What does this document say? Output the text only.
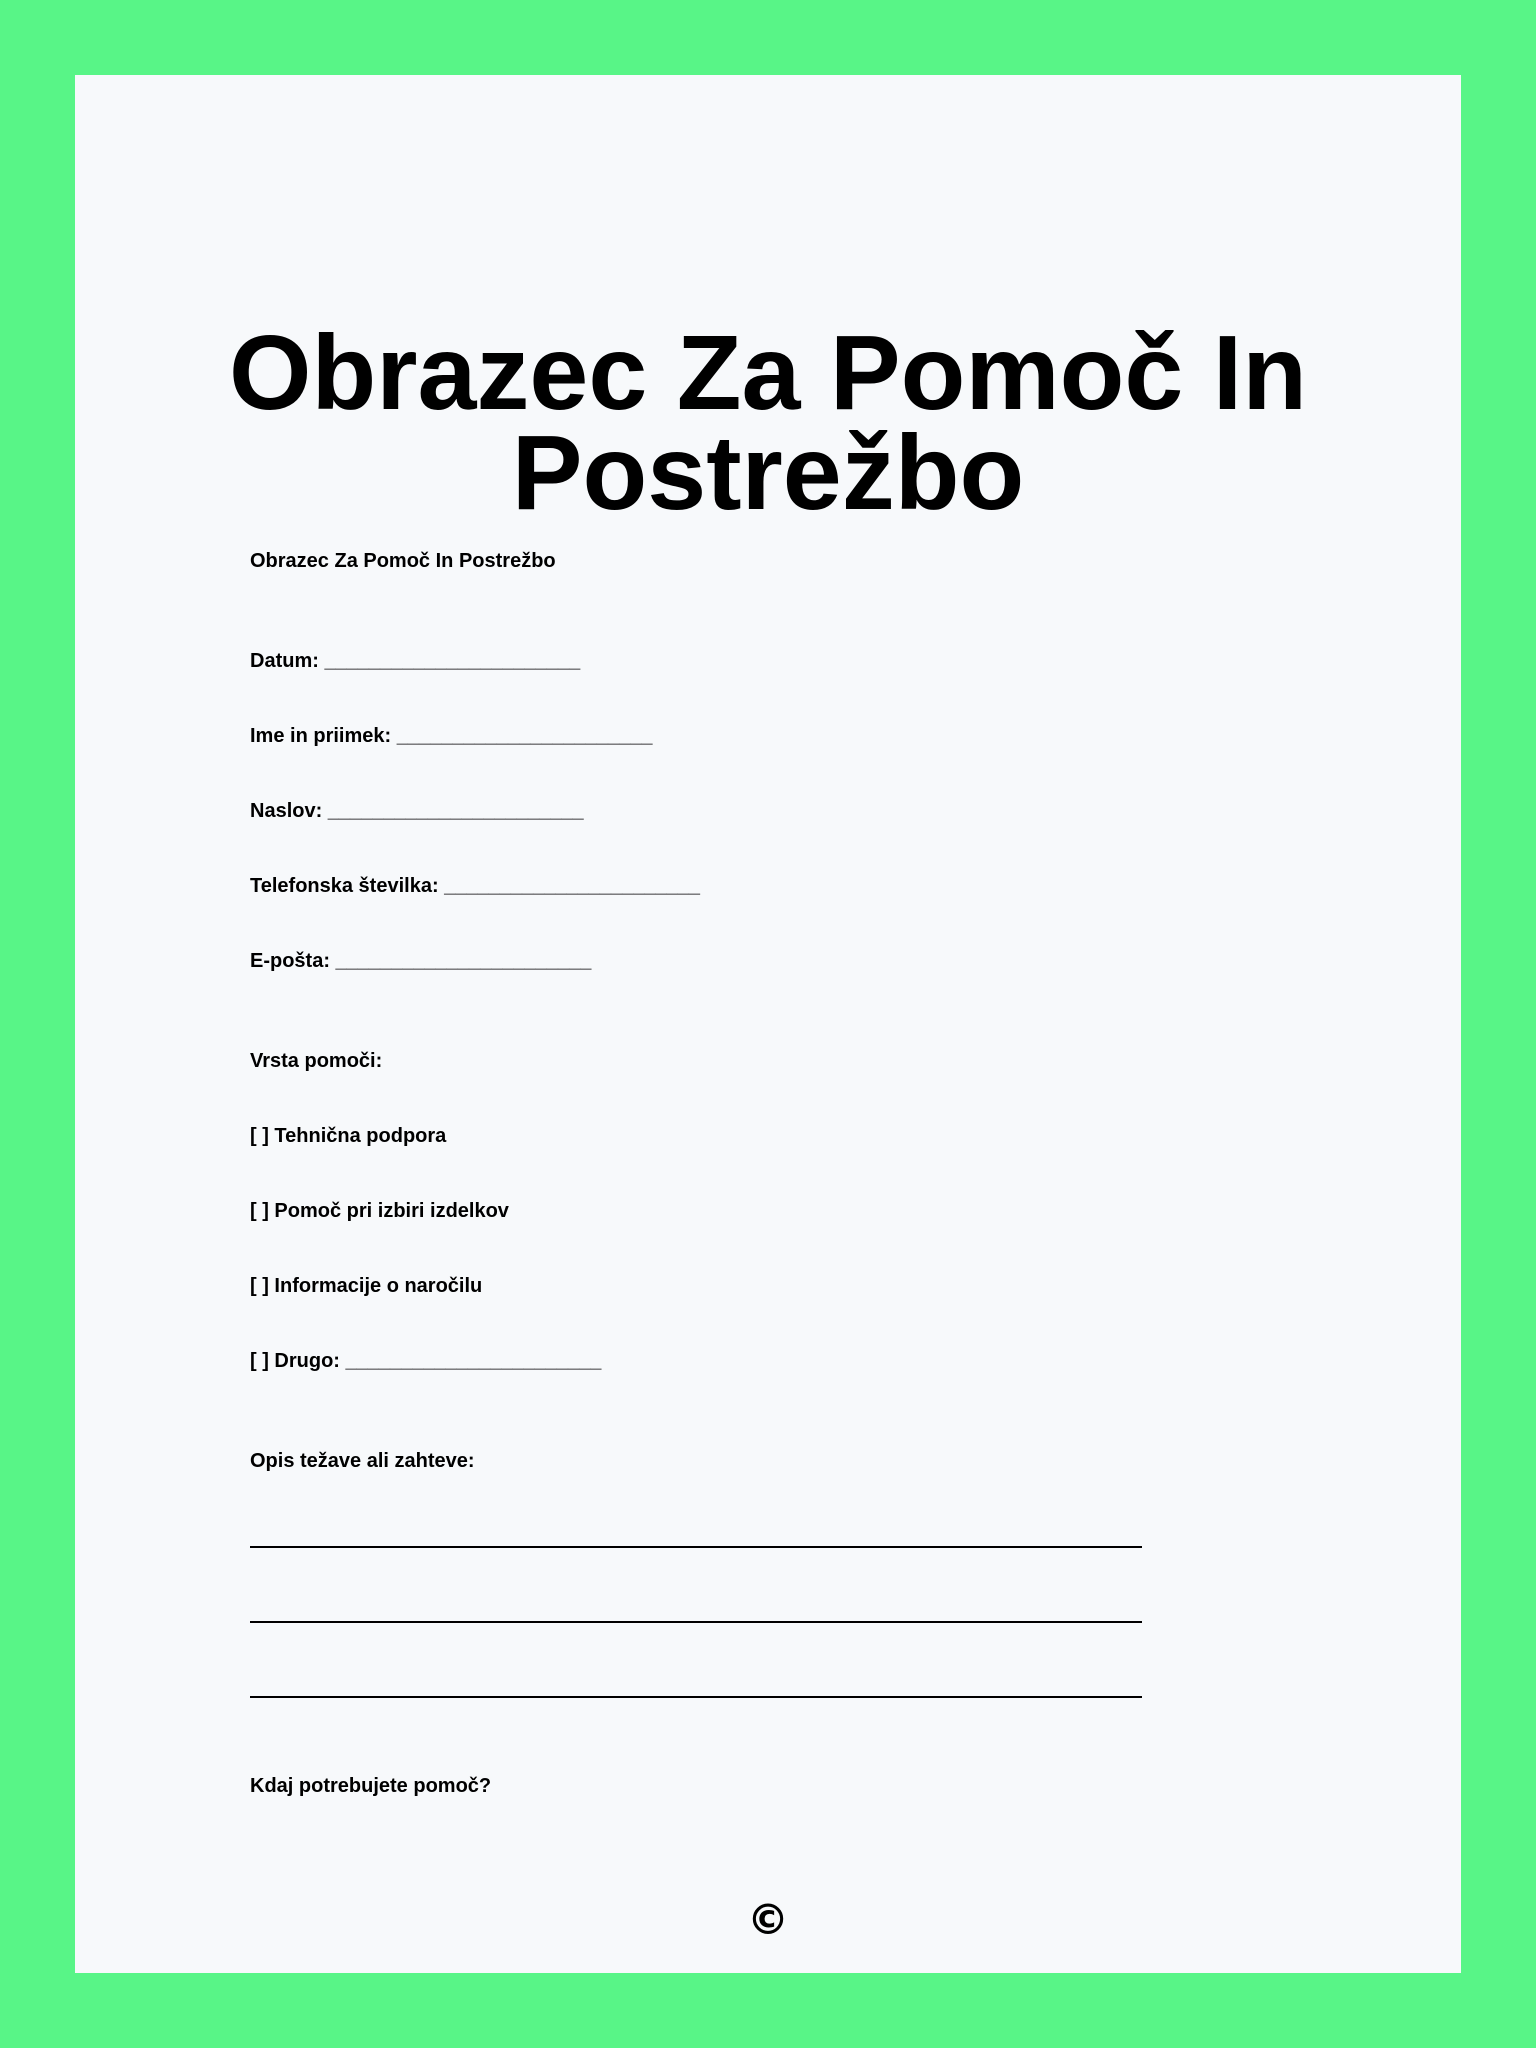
Obrazec Za Pomoč In Postrežbo
Obrazec Za Pomoč In Postrežbo
Datum: _______________________
Ime in priimek: _______________________
Naslov: _______________________
Telefonska številka: _______________________
E-pošta: _______________________
Vrsta pomoči:
[ ] Tehnična podpora
[ ] Pomoč pri izbiri izdelkov
[ ] Informacije o naročilu
[ ] Drugo: _______________________
Opis težave ali zahteve:
Kdaj potrebujete pomoč?
©
